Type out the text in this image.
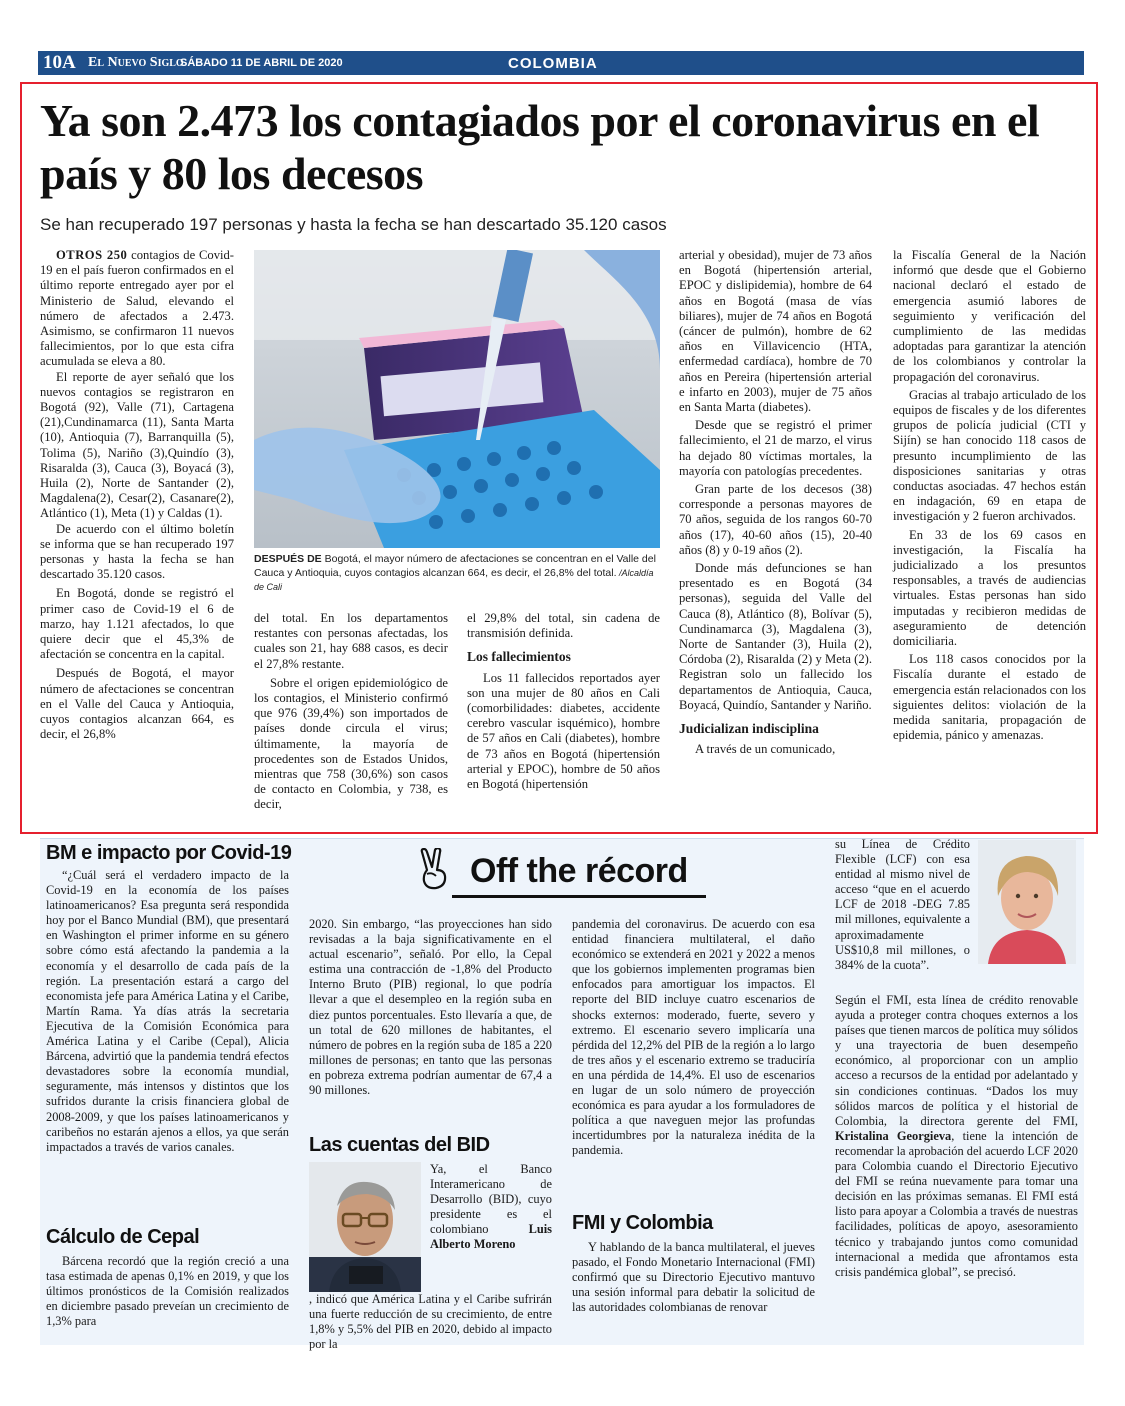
10A El Nuevo Siglo
SÁBADO 11 DE ABRIL DE 2020	COLOMBIA
Ya son 2.473 los contagiados por el coronavirus en el país y 80 los decesos
Se han recuperado 197 personas y hasta la fecha se han descartado 35.120 casos

OTROS 250 contagios de Covid-19 en el país fueron confirmados en el último reporte entregado ayer por el Ministerio de Salud, elevando el número de afectados a 2.473. Asimismo, se confirmaron 11 nuevos fallecimientos, por lo que esta cifra acumulada se eleva a 80.

El reporte de ayer señaló que los nuevos contagios se registraron en Bogotá (92), Valle (71), Cartagena (21),Cundinamarca (11), Santa Marta (10), Antioquia (7), Barranquilla (5), Tolima (5), Nariño (3),Quindío (3), Risaralda (3), Cauca (3), Boyacá (3), Huila (2), Norte de Santander (2), Magdalena(2), Cesar(2), Casanare(2), Atlántico (1), Meta (1) y Caldas (1).

De acuerdo con el último boletín se informa que se han recuperado 197 personas y hasta la fecha se han descartado 35.120 casos.

En Bogotá, donde se registró el primer caso de Covid-19 el 6 de marzo, hay 1.121 afectados, lo que quiere decir que el 45,3% de afectación se concentra en la capital.

Después de Bogotá, el mayor número de afectaciones se concentran en el Valle del Cauca y Antioquia, cuyos contagios alcanzan 664, es decir, el 26,8%

DESPUÉS DE Bogotá, el mayor número de afectaciones se concentran en el Valle del Cauca y Antioquia, cuyos contagios alcanzan 664, es decir, el 26,8% del total. /Alcaldía de Cali

del total. En los departamentos restantes con personas afectadas, los cuales son 21, hay 688 casos, es decir el 27,8% restante.

Sobre el origen epidemiológico de los contagios, el Ministerio confirmó que 976 (39,4%) son importados de países donde circula el virus; últimamente, la mayoría de procedentes son de Estados Unidos, mientras que 758 (30,6%) son casos de contacto en Colombia, y 738, es decir,

el 29,8% del total, sin cadena de transmisión definida.

Los fallecimientos

Los 11 fallecidos reportados ayer son una mujer de 80 años en Cali (comorbilidades: diabetes, accidente cerebro vascular isquémico), hombre de 57 años en Cali (diabetes), hombre de 73 años en Bogotá (hipertensión arterial y EPOC), hombre de 50 años en Bogotá (hipertensión

arterial y obesidad), mujer de 73 años en Bogotá (hipertensión arterial, EPOC y dislipidemia), hombre de 64 años en Bogotá (masa de vías biliares), mujer de 74 años en Bogotá (cáncer de pulmón), hombre de 62 años en Villavicencio (HTA, enfermedad cardíaca), hombre de 70 años en Pereira (hipertensión arterial e infarto en 2003), mujer de 75 años en Santa Marta (diabetes).

Desde que se registró el primer fallecimiento, el 21 de marzo, el virus ha dejado 80 víctimas mortales, la mayoría con patologías precedentes.

Gran parte de los decesos (38) corresponde a personas mayores de 70 años, seguida de los rangos 60-70 años (17), 40-60 años (15), 20-40 años (8) y 0-19 años (2).

Donde más defunciones se han presentado es en Bogotá (34 personas), seguida del Valle del Cauca (8), Atlántico (8), Bolívar (5), Cundinamarca (3), Magdalena (3), Norte de Santander (3), Huila (2), Córdoba (2), Risaralda (2) y Meta (2). Registran solo un fallecido los departamentos de Antioquia, Cauca, Boyacá, Quindío, Santander y Nariño.

Judicializan indisciplina

A través de un comunicado,

la Fiscalía General de la Nación informó que desde que el Gobierno nacional declaró el estado de emergencia asumió labores de seguimiento y verificación del cumplimiento de las medidas adoptadas para garantizar la atención de los colombianos y controlar la propagación del coronavirus.

Gracias al trabajo articulado de los equipos de fiscales y de los diferentes grupos de policía judicial (CTI y Sijín) se han conocido 118 casos de presunto incumplimiento de las disposiciones sanitarias y otras conductas asociadas. 47 hechos están en indagación, 69 en etapa de investigación y 2 fueron archivados.

En 33 de los 69 casos en investigación, la Fiscalía ha judicializado a los presuntos responsables, a través de audiencias virtuales. Estas personas han sido imputadas y recibieron medidas de aseguramiento de detención domiciliaria.

Los 118 casos conocidos por la Fiscalía durante el estado de emergencia están relacionados con los siguientes delitos: violación de la medida sanitaria, propagación de epidemia, pánico y amenazas.

Off the récord
BM e impacto por Covid-19

“¿Cuál será el verdadero impacto de la Covid-19 en la economía de los países latinoamericanos? Esa pregunta será respondida hoy por el Banco Mundial (BM), que presentará en Washington el primer informe en su género sobre cómo está afectando la pandemia a la economía y el desarrollo de cada país de la región. La presentación estará a cargo del economista jefe para América Latina y el Caribe, Martín Rama. Ya días atrás la secretaria Ejecutiva de la Comisión Económica para América Latina y el Caribe (Cepal), Alicia Bárcena, advirtió que la pandemia tendrá efectos devastadores sobre la economía mundial, seguramente, más intensos y distintos que los sufridos durante la crisis financiera global de 2008-2009, y que los países latinoamericanos y caribeños no estarán ajenos a ellos, ya que serán impactados a través de varios canales.

Cálculo de Cepal

Bárcena recordó que la región creció a una tasa estimada de apenas 0,1% en 2019, y que los últimos pronósticos de la Comisión realizados en diciembre pasado preveían un crecimiento de 1,3% para

2020. Sin embargo, “las proyecciones han sido revisadas a la baja significativamente en el actual escenario”, señaló. Por ello, la Cepal estima una contracción de -1,8% del Producto Interno Bruto (PIB) regional, lo que podría llevar a que el desempleo en la región suba en diez puntos porcentuales. Esto llevaría a que, de un total de 620 millones de habitantes, el número de pobres en la región suba de 185 a 220 millones de personas; en tanto que las personas en pobreza extrema podrían aumentar de 67,4 a 90 millones.

Las cuentas del BID

Ya, el Banco Interamericano de Desarrollo (BID), cuyo presidente es el colombiano Luis Alberto Moreno

, indicó que América Latina y el Caribe sufrirán una fuerte reducción de su crecimiento, de entre 1,8% y 5,5% del PIB en 2020, debido al impacto por la

pandemia del coronavirus. De acuerdo con esa entidad financiera multilateral, el daño económico se extenderá en 2021 y 2022 a menos que los gobiernos implementen programas bien enfocados para amortiguar los impactos. El reporte del BID incluye cuatro escenarios de shocks externos: moderado, fuerte, severo y extremo. El escenario severo implicaría una pérdida del 12,2% del PIB de la región a lo largo de tres años y el escenario extremo se traduciría en una pérdida de 14,4%. El uso de escenarios en lugar de un solo número de proyección económica es para ayudar a los formuladores de política a que naveguen mejor las profundas incertidumbres por la naturaleza inédita de la pandemia.

FMI y Colombia

Y hablando de la banca multilateral, el jueves pasado, el Fondo Monetario Internacional (FMI) confirmó que su Directorio Ejecutivo mantuvo una sesión informal para debatir la solicitud de las autoridades colombianas de renovar

su Línea de Crédito Flexible (LCF) con esa entidad al mismo nivel de acceso “que en el acuerdo LCF de 2018 -DEG 7.85 mil millones, equivalente a aproximadamente US$10,8 mil millones, o 384% de la cuota”.

Según el FMI, esta línea de crédito renovable ayuda a proteger contra choques externos a los países que tienen marcos de política muy sólidos y una trayectoria de buen desempeño económico, al proporcionar con un amplio acceso a recursos de la entidad por adelantado y sin condiciones continuas. “Dados los muy sólidos marcos de política y el historial de Colombia, la directora gerente del FMI, Kristalina Georgieva, tiene la intención de recomendar la aprobación del acuerdo LCF 2020 para Colombia cuando el Directorio Ejecutivo del FMI se reúna nuevamente para tomar una decisión en las próximas semanas. El FMI está listo para apoyar a Colombia a través de nuestras facilidades, políticas de apoyo, asesoramiento técnico y trabajando juntos como comunidad internacional a medida que afrontamos esta crisis pandémica global”, se precisó.
